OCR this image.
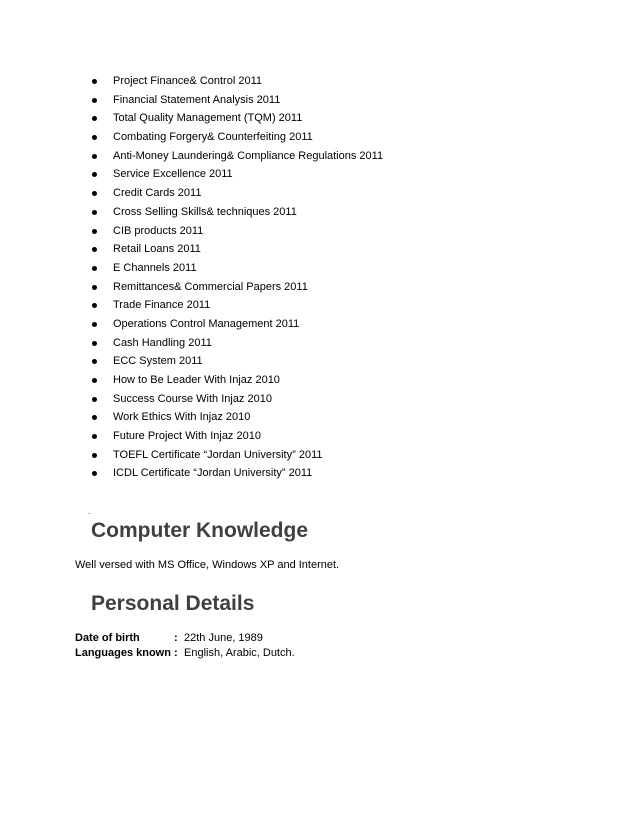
Project Finance& Control 2011
Financial Statement Analysis 2011
Total Quality Management (TQM) 2011
Combating Forgery& Counterfeiting 2011
Anti-Money Laundering& Compliance Regulations 2011
Service Excellence 2011
Credit Cards 2011
Cross Selling Skills& techniques 2011
CIB products 2011
Retail Loans 2011
E Channels 2011
Remittances& Commercial Papers 2011
Trade Finance 2011
Operations Control Management 2011
Cash Handling 2011
ECC System 2011
How to Be Leader With Injaz 2010
Success Course With Injaz 2010
Work Ethics With Injaz 2010
Future Project With Injaz 2010
TOEFL Certificate “Jordan University” 2011
ICDL Certificate “Jordan University” 2011
.
Computer Knowledge
Well versed with MS Office, Windows XP and Internet.
Personal Details
Date of birth	: 22th June, 1989
Languages known : English, Arabic, Dutch.
